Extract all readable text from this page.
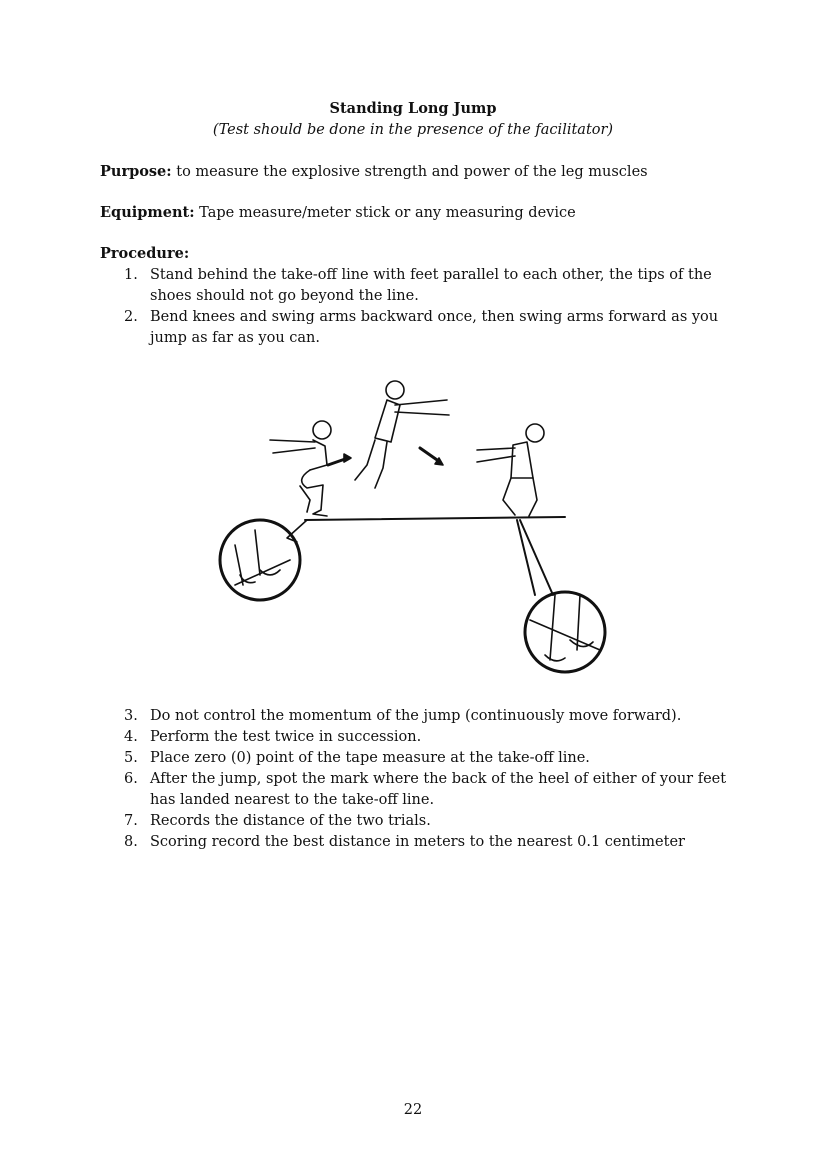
Standing Long Jump
(Test should be done in the presence of the facilitator)
Purpose: to measure the explosive strength and power of the leg muscles
Equipment: Tape measure/meter stick or any measuring device
Procedure:
1. Stand behind the take-off line with feet parallel to each other, the tips of the shoes should not go beyond the line.
2. Bend knees and swing arms backward once, then swing arms forward as you jump as far as you can.
3. Do not control the momentum of the jump (continuously move forward).
4. Perform the test twice in succession.
5. Place zero (0) point of the tape measure at the take-off line.
6. After the jump, spot the mark where the back of the heel of either of your feet has landed nearest to the take-off line.
7. Records the distance of the two trials.
8. Scoring record the best distance in meters to the nearest 0.1 centimeter
22
